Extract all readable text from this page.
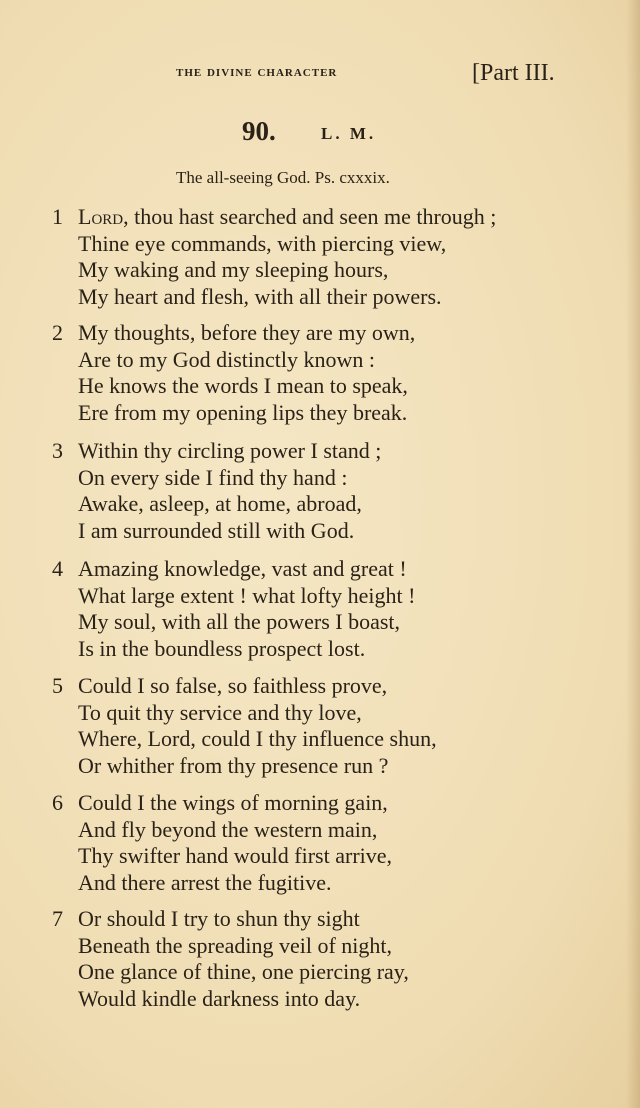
the divine character	[Part III.
90.	L. M.
The all-seeing God. Ps. cxxxix.
1 Lord, thou hast searched and seen me through ;
Thine eye commands, with piercing view,
My waking and my sleeping hours,
My heart and flesh, with all their powers.
2 My thoughts, before they are my own,
Are to my God distinctly known :
He knows the words I mean to speak,
Ere from my opening lips they break.
3 Within thy circling power I stand ;
On every side I find thy hand :
Awake, asleep, at home, abroad,
I am surrounded still with God.
4 Amazing knowledge, vast and great !
What large extent ! what lofty height !
My soul, with all the powers I boast,
Is in the boundless prospect lost.
5 Could I so false, so faithless prove,
To quit thy service and thy love,
Where, Lord, could I thy influence shun,
Or whither from thy presence run ?
6 Could I the wings of morning gain,
And fly beyond the western main,
Thy swifter hand would first arrive,
And there arrest the fugitive.
7 Or should I try to shun thy sight
Beneath the spreading veil of night,
One glance of thine, one piercing ray,
Would kindle darkness into day.
